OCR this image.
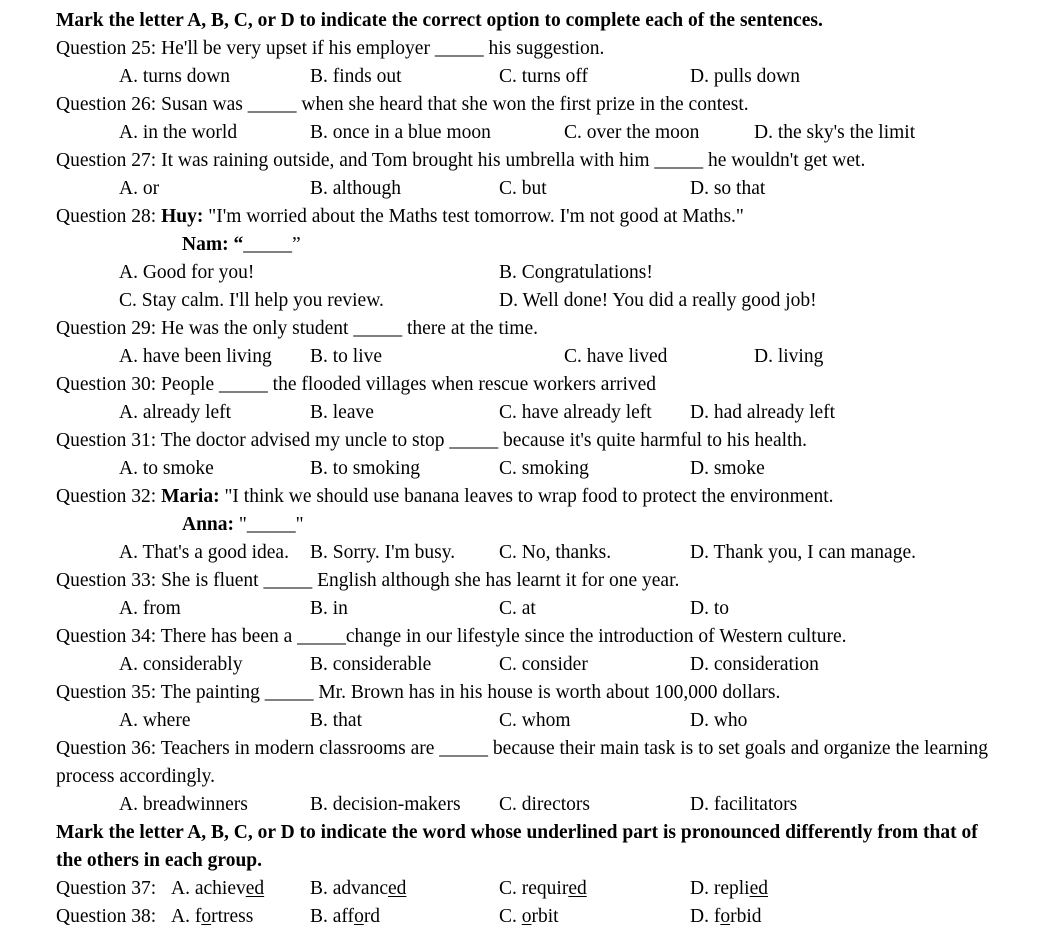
Mark the letter A, B, C, or D to indicate the correct option to complete each of the sentences.
Question 25: He'll be very upset if his employer _____ his suggestion.
A. turns down	B. finds out	C. turns off	D. pulls down
Question 26: Susan was _____ when she heard that she won the first prize in the contest.
A. in the world	B. once in a blue moon	C. over the moon	D. the sky's the limit
Question 27: It was raining outside, and Tom brought his umbrella with him _____ he wouldn't get wet.
A. or	B. although	C. but	D. so that
Question 28: Huy: "I'm worried about the Maths test tomorrow. I'm not good at Maths."
Nam: “_____”
A. Good for you!	B. Congratulations!
C. Stay calm. I'll help you review.	D. Well done! You did a really good job!
Question 29: He was the only student _____ there at the time.
A. have been living B. to live	C. have lived	D. living
Question 30: People _____ the flooded villages when rescue workers arrived
A. already left	B. leave	C. have already left D. had already left
Question 31: The doctor advised my uncle to stop _____ because it's quite harmful to his health.
A. to smoke	B. to smoking	C. smoking	D. smoke
Question 32: Maria: "I think we should use banana leaves to wrap food to protect the environment.
Anna: "_____"
A. That's a good idea. B. Sorry. I'm busy. C. No, thanks.	D. Thank you, I can manage.
Question 33: She is fluent _____ English although she has learnt it for one year.
A. from	B. in	C. at	D. to
Question 34: There has been a _____change in our lifestyle since the introduction of Western culture.
A. considerably	B. considerable	C. consider	D. consideration
Question 35: The painting _____ Mr. Brown has in his house is worth about 100,000 dollars.
A. where	B. that	C. whom	D. who
Question 36: Teachers in modern classrooms are _____ because their main task is to set goals and organize the learning process accordingly.
A. breadwinners	B. decision-makers C. directors	D. facilitators
Mark the letter A, B, C, or D to indicate the word whose underlined part is pronounced differently from that of the others in each group.
Question 37: A. achieved B. advanced	C. required	D. replied
Question 38: A. fortress	B. afford	C. orbit	D. forbid
